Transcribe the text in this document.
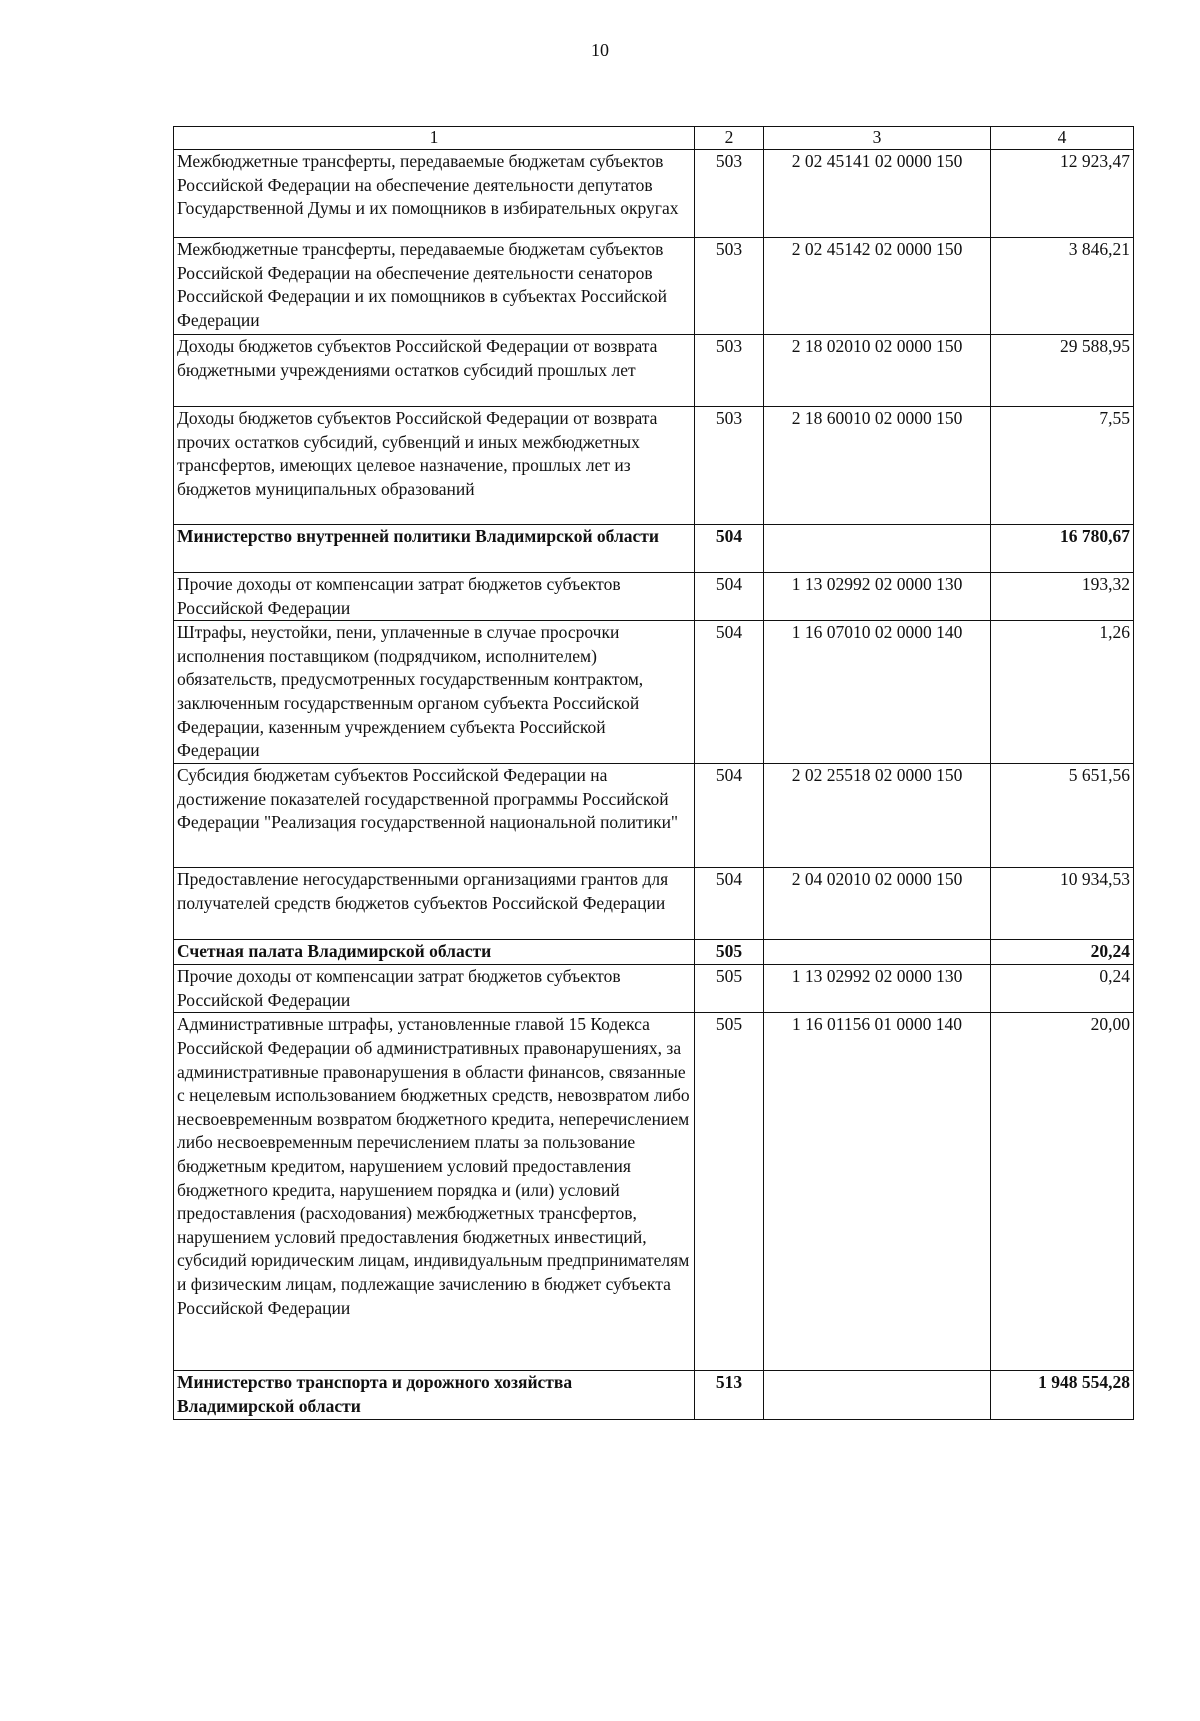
10
1	2	3	4
Межбюджетные трансферты, передаваемые бюджетам субъектов Российской Федерации на обеспечение деятельности депутатов Государственной Думы и их помощников в избирательных округах	503	2 02 45141 02 0000 150	12 923,47
Межбюджетные трансферты, передаваемые бюджетам субъектов Российской Федерации на обеспечение деятельности сенаторов Российской Федерации и их помощников в субъектах Российской Федерации	503	2 02 45142 02 0000 150	3 846,21
Доходы бюджетов субъектов Российской Федерации от возврата бюджетными учреждениями остатков субсидий прошлых лет	503	2 18 02010 02 0000 150	29 588,95
Доходы бюджетов субъектов Российской Федерации от возврата прочих остатков субсидий, субвенций и иных межбюджетных трансфертов, имеющих целевое назначение, прошлых лет из бюджетов муниципальных образований	503	2 18 60010 02 0000 150	7,55
Министерство внутренней политики Владимирской области	504		16 780,67
Прочие доходы от компенсации затрат бюджетов субъектов Российской Федерации	504	1 13 02992 02 0000 130	193,32
Штрафы, неустойки, пени, уплаченные в случае просрочки исполнения поставщиком (подрядчиком, исполнителем) обязательств, предусмотренных государственным контрактом, заключенным государственным органом субъекта Российской Федерации, казенным учреждением субъекта Российской Федерации	504	1 16 07010 02 0000 140	1,26
Субсидия бюджетам субъектов Российской Федерации на достижение показателей государственной программы Российской Федерации "Реализация государственной национальной политики"	504	2 02 25518 02 0000 150	5 651,56
Предоставление негосударственными организациями грантов для получателей средств бюджетов субъектов Российской Федерации	504	2 04 02010 02 0000 150	10 934,53
Счетная палата Владимирской области	505		20,24
Прочие доходы от компенсации затрат бюджетов субъектов Российской Федерации	505	1 13 02992 02 0000 130	0,24
Административные штрафы, установленные главой 15 Кодекса Российской Федерации об административных правонарушениях, за административные правонарушения в области финансов, связанные с нецелевым использованием бюджетных средств, невозвратом либо несвоевременным возвратом бюджетного кредита, неперечислением либо несвоевременным перечислением платы за пользование бюджетным кредитом, нарушением условий предоставления бюджетного кредита, нарушением порядка и (или) условий предоставления (расходования) межбюджетных трансфертов, нарушением условий предоставления бюджетных инвестиций, субсидий юридическим лицам, индивидуальным предпринимателям и физическим лицам, подлежащие зачислению в бюджет субъекта Российской Федерации	505	1 16 01156 01 0000 140	20,00
Министерство транспорта и дорожного хозяйства Владимирской области	513		1 948 554,28
